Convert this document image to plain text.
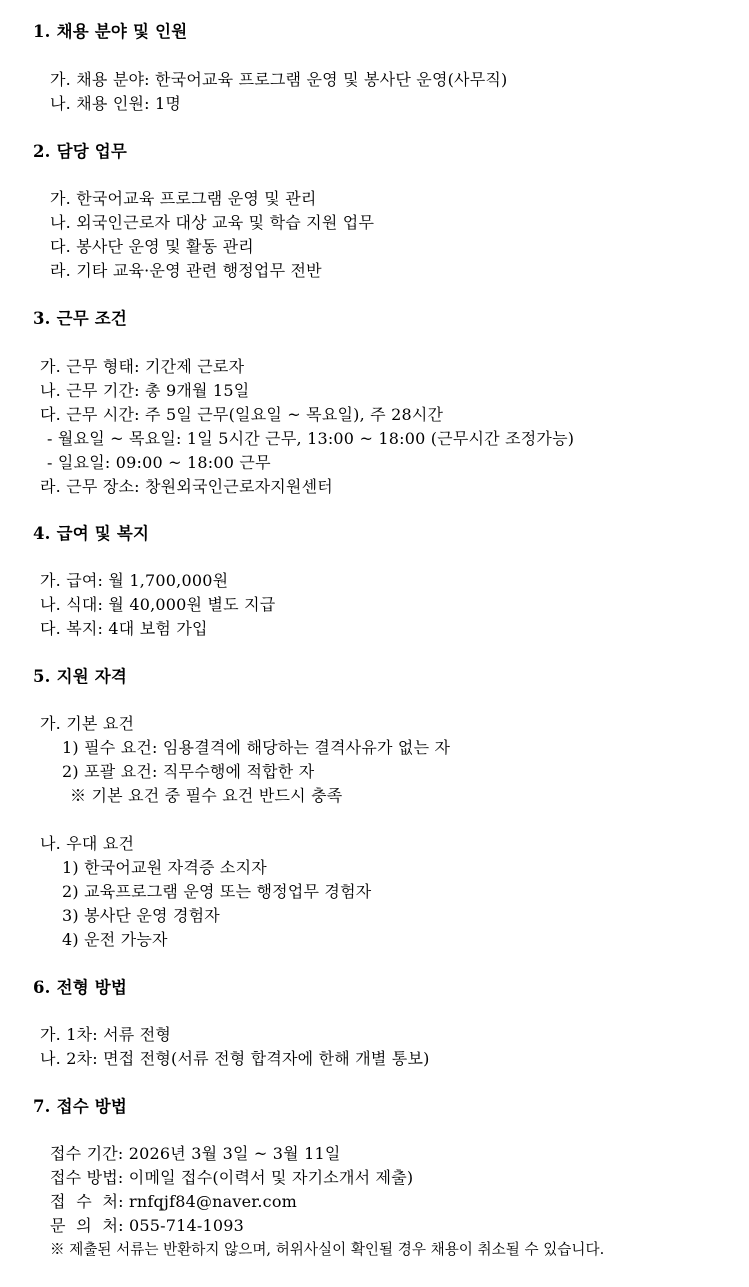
1. 채용 분야 및 인원
가. 채용 분야: 한국어교육 프로그램 운영 및 봉사단 운영(사무직)
나. 채용 인원: 1명
2. 담당 업무
가. 한국어교육 프로그램 운영 및 관리
나. 외국인근로자 대상 교육 및 학습 지원 업무
다. 봉사단 운영 및 활동 관리
라. 기타 교육·운영 관련 행정업무 전반
3. 근무 조건
가. 근무 형태: 기간제 근로자
나. 근무 기간: 총 9개월 15일
다. 근무 시간: 주 5일 근무(일요일 ~ 목요일), 주 28시간
- 월요일 ~ 목요일: 1일 5시간 근무, 13:00 ~ 18:00 (근무시간 조정가능)
- 일요일: 09:00 ~ 18:00 근무
라. 근무 장소: 창원외국인근로자지원센터
4. 급여 및 복지
가. 급여: 월 1,700,000원
나. 식대: 월 40,000원 별도 지급
다. 복지: 4대 보험 가입
5. 지원 자격
가. 기본 요건
1) 필수 요건: 임용결격에 해당하는 결격사유가 없는 자
2) 포괄 요건: 직무수행에 적합한 자
※ 기본 요건 중 필수 요건 반드시 충족
나. 우대 요건
1) 한국어교원 자격증 소지자
2) 교육프로그램 운영 또는 행정업무 경험자
3) 봉사단 운영 경험자
4) 운전 가능자
6. 전형 방법
가. 1차: 서류 전형
나. 2차: 면접 전형(서류 전형 합격자에 한해 개별 통보)
7. 접수 방법
접수 기간: 2026년 3월 3일 ~ 3월 11일
접수 방법: 이메일 접수(이력서 및 자기소개서 제출)
접  수  처: rnfqjf84@naver.com
문  의  처: 055-714-1093
※ 제출된 서류는 반환하지 않으며, 허위사실이 확인될 경우 채용이 취소될 수 있습니다.
